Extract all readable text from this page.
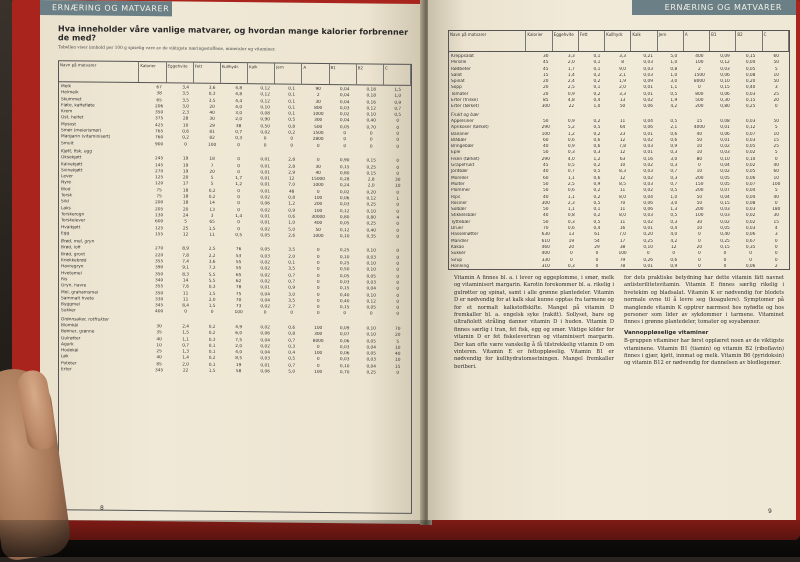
ERNÆRING OG MATVARER
Hva inneholder våre vanlige matvarer, og hvordan mange kalorier forbrenner de med?
Tabellen viser innhold per 100 g spiselig vare av de viktigste næringsstoffene, mineraler og vitaminer.
Navn på matvarer	Kalorier	Eggehvite	Fett	Kullhydr.	Kalk	Jern	A	B1	B2	C
Melk	67	3,4	3,6	4,8	0,12	0,1	90	0,04	0,18	1,5
Helmelk	38	3,5	0,3	4,8	0,12	0,1	2	0,04	0,18	1,0
Skummet	65	3,5	3,5	4,4	0,12	0,1	30	0,04	0,16	0,9
Fløte, kaffefløte	206	3,0	20	4,0	0,10	0,1	800	0,03	0,12	0,7
Krem	350	2,3	40	3,0	0,08	0,1	1000	0,02	0,10	0,5
Ost, helfet	375	28	30	2,0	0,90	0,5	300	0,04	0,40	0
Mysost	425	10	29	38	0,50	0,8	500	0,05	0,70	0
Smør (meierismør)	765	0,6	81	0,7	0,02	0,2	1500	0	0	0
Margarin (vitaminisert)	760	0,2	82	0,3	0	0	2800	0	0	0
Smult	900	0	100	0	0	0	0	0	0	0
Kjøtt, fisk, egg
Oksekjøtt	245	19	18	0	0,01	2,8	0	0,90	0,15	0
Kalvekjøtt	145	19	7	0	0,01	2,8	30	0,15	0,25	0
Svinekjøtt	270	19	20	0	0,01	2,9	40	0,80	0,15	0
Lever	125	20	5	1,7	0,01	12	15000	0,28	2,8	30
Nyre	120	17	5	1,2	0,01	7,0	1000	0,24	2,0	10
Blod	75	18	0,2	0	0,01	48	0	0,02	0,20	0
Torsk	75	18	0,2	0	0,02	0,8	100	0,06	0,12	1
Sild	200	18	14	0	0,06	1,2	200	0,03	0,25	0
Laks	205	20	13	0	0,02	0,9	100	0,12	0,10	0
Torskerogn	130	24	3	1,4	0,01	0,6	30000	0,80	0,80	4
Torskelever	600	5	65	0	0,01	1,0	400	0,05	0,25	0
Hvalkjøtt	125	25	1,5	0	0,02	5,0	50	0,12	0,40	0
Egg	155	12	11	0,5	0,05	2,6	1000	0,10	0,35	0
Brød, mel, gryn
Brød, loff	270	8,9	2,5	76	0,05	3,5	0	0,25	0,10	0
Brød, grovt	220	7,8	2,2	53	0,03	2,0	0	0,10	0,03	0
Knekkebrød	355	7,4	3,6	55	0,02	0,1	0	0,25	0,10	0
Havregryn	390	9,1	7,3	55	0,02	3,5	0	0,50	0,10	0
Hvetemel	350	8,3	5,5	65	0,02	0,7	0	0,05	0,05	0
Ris	340	14	5,5	62	0,02	0,7	0	0,03	0,03	0
Gryn, havre	355	7,6	0,3	78	0,01	0,9	0	0,15	0,04	0
Mel, grahamsmel	350	11	1,5	75	0,04	3,0	0	0,40	0,10	0
Sammalt hvete	330	11	2,0	70	0,04	3,5	0	0,40	0,12	0
Byggmel	345	8,4	1,5	73	0,02	2,7	0	0,15	0,05	0
Sukker	400	0	0	100	0	0	0	0	0	0
Grønnsaker, rotfrukter
Blomkål	30	2,4	0,2	4,9	0,02	0,6	100	0,09	0,10	70
Bønner, grønne	35	1,5	0,2	6,0	0,06	0,8	300	0,07	0,10	20
Gulrøtter	40	1,1	0,3	7,5	0,04	0,7	8000	0,06	0,05	5
Agurk	10	0,7	0,1	2,0	0,02	0,3	0	0,03	0,04	10
Hodekål	25	1,3	0,1	4,0	0,04	0,4	100	0,06	0,05	40
Løk	40	1,4	0,2	8,5	0,03	0,5	0	0,03	0,03	10
Poteter	85	2,0	0,1	19	0,01	0,7	0	0,10	0,04	15
Erter	345	22	1,5	58	0,06	5,0	100	0,70	0,25	0
8
ERNÆRING OG MATVARER
Navn på matvarer	Kalorier	Eggehvite	Fett	Kullhydr.	Kalk	Jern	A	B1	B2	C
Kreppsalat	30	3,3	0,1	3,3	0,21	5,0	400	0,09	0,15	60
Persille	45	2,0	0,1	8	0,03	1,0	100	0,12	0,04	50
Rødbeter	45	1,7	0,1	9,0	0,03	0,8	2	0,03	0,05	5
Salat	15	1,4	0,2	2,1	0,03	1,0	1500	0,06	0,08	10
Spinat	20	2,4	0,2	1,9	0,09	3,0	8000	0,10	0,20	50
Sopp	20	2,5	0,1	2,0	0,01	1,1	0	0,15	0,40	3
Tomater	20	0,9	0,2	3,3	0,01	0,5	800	0,06	0,03	25
Erter (friske)	85	4,8	0,4	13	0,02	1,9	500	0,30	0,15	20
Erter (tørket)	300	22	1,0	50	0,06	4,2	200	0,80	0,25	0
Frukt og bær
Appelsiner	50	0,9	0,2	11	0,04	0,5	15	0,08	0,03	50
Aprikoser (tørket)	290	5,2	0,5	64	0,06	2,1	4000	0,01	0,12	5
Bananer	100	1,2	0,2	23	0,01	0,6	40	0,06	0,07	10
Blåbær	60	0,6	0,6	12	0,02	0,6	50	0,01	0,03	15
Bringebær	40	0,9	0,6	7,8	0,03	0,9	10	0,02	0,05	25
Eple	50	0,3	0,3	12	0,01	0,3	10	0,03	0,02	5
Fiken (tørket)	290	4,0	1,2	63	0,16	3,0	80	0,10	0,10	0
Grapefrukt	45	0,5	0,2	10	0,02	0,3	0	0,04	0,02	40
Jordbær	40	0,7	0,5	8,3	0,03	0,7	10	0,02	0,05	60
Moreller	60	1,1	0,6	12	0,02	0,3	200	0,05	0,06	10
Multer	50	2,5	0,9	8,5	0,03	0,7	150	0,05	0,07	100
Plommer	50	0,6	0,2	11	0,02	0,5	200	0,07	0,04	5
Rips	40	1,1	0,2	8,0	0,04	1,0	50	0,04	0,04	40
Rosiner	300	2,3	0,5	70	0,06	3,0	50	0,15	0,08	0
Solbær	50	1,1	0,1	11	0,06	1,3	200	0,03	0,03	180
Stikkelsbær	40	0,8	0,2	8,0	0,03	0,5	100	0,03	0,02	30
Tyttebær	50	0,3	0,5	11	0,02	0,3	30	0,02	0,02	15
Druer	70	0,6	0,4	16	0,01	0,4	10	0,05	0,03	4
Hasselnøtter	630	13	61	7,0	0,20	4,0	0	0,40	0,06	3
Mandler	610	19	54	17	0,25	4,2	0	0,25	0,67	0
Kakao	460	20	29	38	0,10	12	20	0,15	0,35	0
Sukker	400	0	0	100	0	0	0	0	0	0
Sirup	330	0	0	79	0,26	0,6	0	0	0	0
Honning	310	0,3	0	78	0,01	0,9	0	0	0,06	2
Vitamin A finnes bl. a. i lever og eggeplomme, i smør, melk og vitaminisert margarin. Karotin forekommer bl. a. rikelig i gulrøtter og spinat, samt i alle grønne plantedeler. Vitamin D er nødvendig for at kalk skal kunne opptas fra tarmene og for et normalt kalkstoffskifte. Mangel på vitamin D fremkaller bl. a. engelsk syke (rakitt). Sollyset, bare og ultrafiolett stråling danner vitamin D i huden. Vitamin D finnes særlig i tran, fet fisk, egg og smør. Viktige kilder for vitamin D er fet fiskelevertran og vitaminisert margarin. Der kan ofte være vanskelig å få tilstrekkelig vitamin D om vinteren. Vitamin E er fettoppløselig. Vitamin B1 er nødvendig for kullhydratomsetningen. Mangel fremkaller beriberi.
for dets praktiske betydning har dette vitamin fått navnet antisterilitetsvitamin. Vitamin E finnes særlig rikelig i hvetekim og bladsalat. Vitamin K er nødvendig for blodets normale evne til å levre seg (koagulere). Symptomer på manglende vitamin K opptrer nærmest hos nyfødte og hos personer som lider av sykdommer i tarmene. Vitaminet finnes i grønne plantedeler, tomater og soyabønner.
Vannoppløselige vitaminer
B-gruppen vitaminer har først opplæret noen av de viktigste vitaminene. Vitamin B1 (tiamin) og vitamin B2 (riboflavin) finnes i gjær, kjøtt, innmat og melk. Vitamin B6 (pyridoksin) og vitamin B12 er nødvendig for dannelsen av blodlegemer.
9
